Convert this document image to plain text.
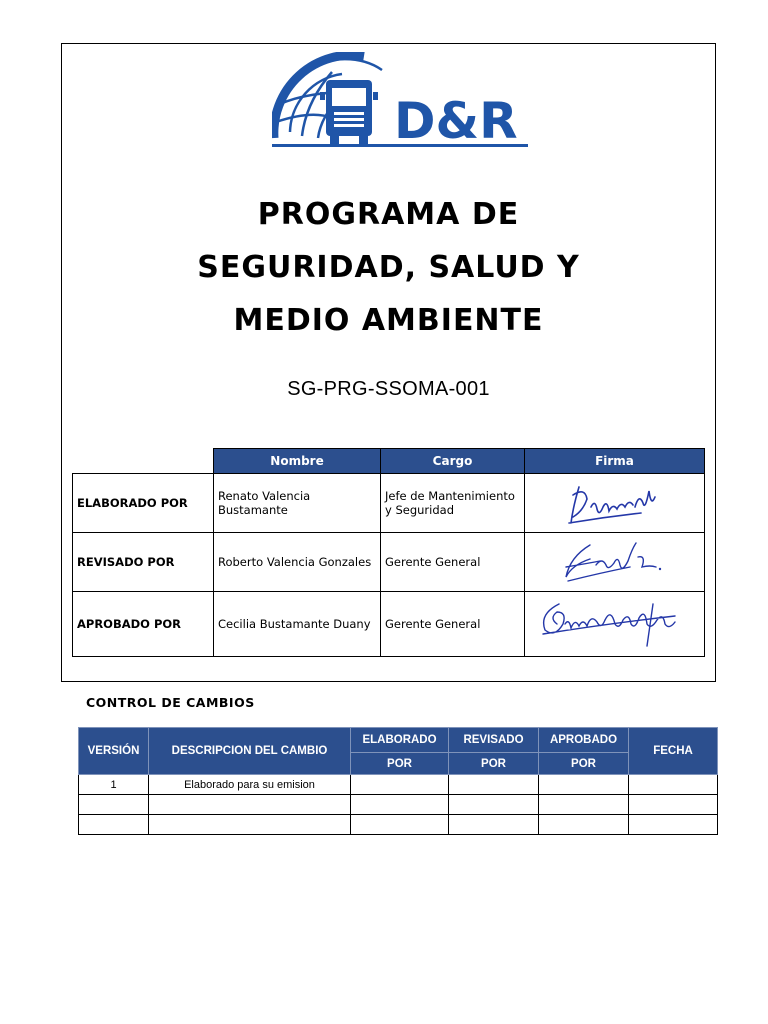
D&R
PROGRAMA DE
SEGURIDAD, SALUD Y
MEDIO AMBIENTE
SG-PRG-SSOMA-001
	Nombre	Cargo	Firma
ELABORADO POR	Renato Valencia Bustamante	Jefe de Mantenimiento y Seguridad	

REVISADO POR	Roberto Valencia Gonzales	Gerente General	

APROBADO POR	Cecilia Bustamante Duany	Gerente General	
CONTROL DE CAMBIOS
VERSIÓN	DESCRIPCION DEL CAMBIO	ELABORADO	REVISADO	APROBADO	FECHA
		POR	POR	POR	
1	Elaborado para su emision				
